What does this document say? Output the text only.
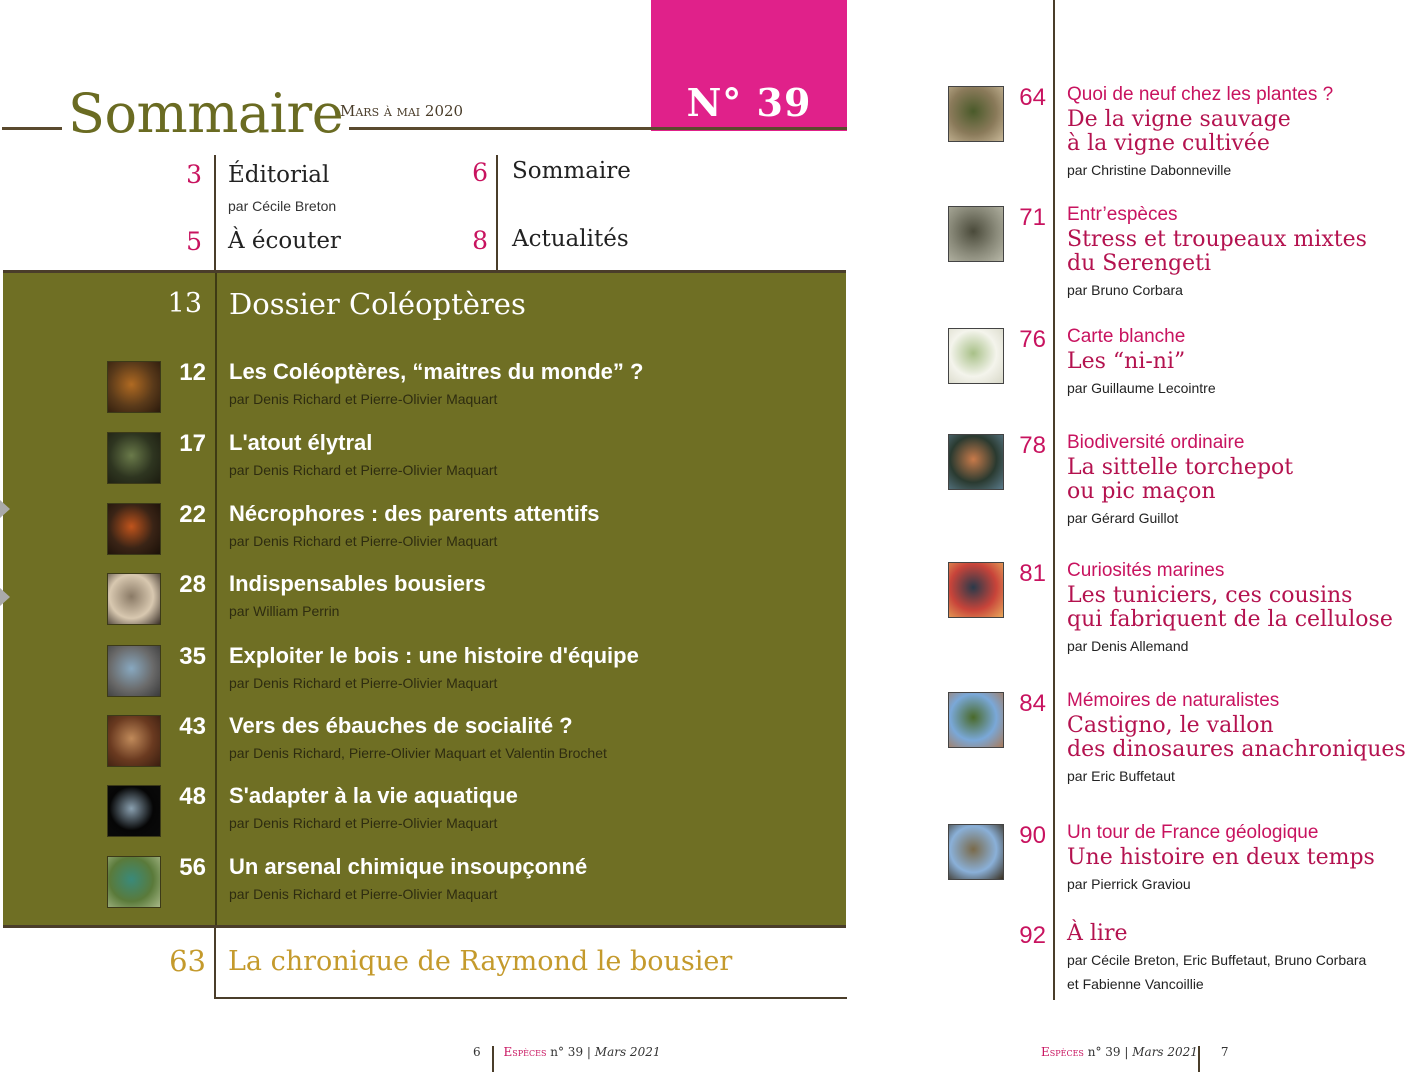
N° 39
Sommaire
Mars à mai 2020
3 Éditorial
par Cécile Breton
5 À écouter
6 Sommaire
8 Actualités
13 Dossier Coléoptères
12 Les Coléoptères, “maitres du monde” ?
par Denis Richard et Pierre-Olivier Maquart
17 L'atout élytral
par Denis Richard et Pierre-Olivier Maquart
22 Nécrophores : des parents attentifs
par Denis Richard et Pierre-Olivier Maquart
28 Indispensables bousiers
par William Perrin
35 Exploiter le bois : une histoire d'équipe
par Denis Richard et Pierre-Olivier Maquart
43 Vers des ébauches de socialité ?
par Denis Richard, Pierre-Olivier Maquart et Valentin Brochet
48 S'adapter à la vie aquatique
par Denis Richard et Pierre-Olivier Maquart
56 Un arsenal chimique insoupçonné
par Denis Richard et Pierre-Olivier Maquart
63 La chronique de Raymond le bousier
6 Espèces n° 39 | Mars 2021
64 Quoi de neuf chez les plantes ?
De la vigne sauvage
à la vigne cultivée
par Christine Dabonneville
71 Entr’espèces
Stress et troupeaux mixtes
du Serengeti
par Bruno Corbara
76 Carte blanche
Les “ni-ni”
par Guillaume Lecointre
78 Biodiversité ordinaire
La sittelle torchepot
ou pic maçon
par Gérard Guillot
81 Curiosités marines
Les tuniciers, ces cousins
qui fabriquent de la cellulose
par Denis Allemand
84 Mémoires de naturalistes
Castigno, le vallon
des dinosaures anachroniques
par Eric Buffetaut
90 Un tour de France géologique
Une histoire en deux temps
par Pierrick Graviou
92 À lire
par Cécile Breton, Eric Buffetaut, Bruno Corbara
et Fabienne Vancoillie
Espèces n° 39 | Mars 2021 7
